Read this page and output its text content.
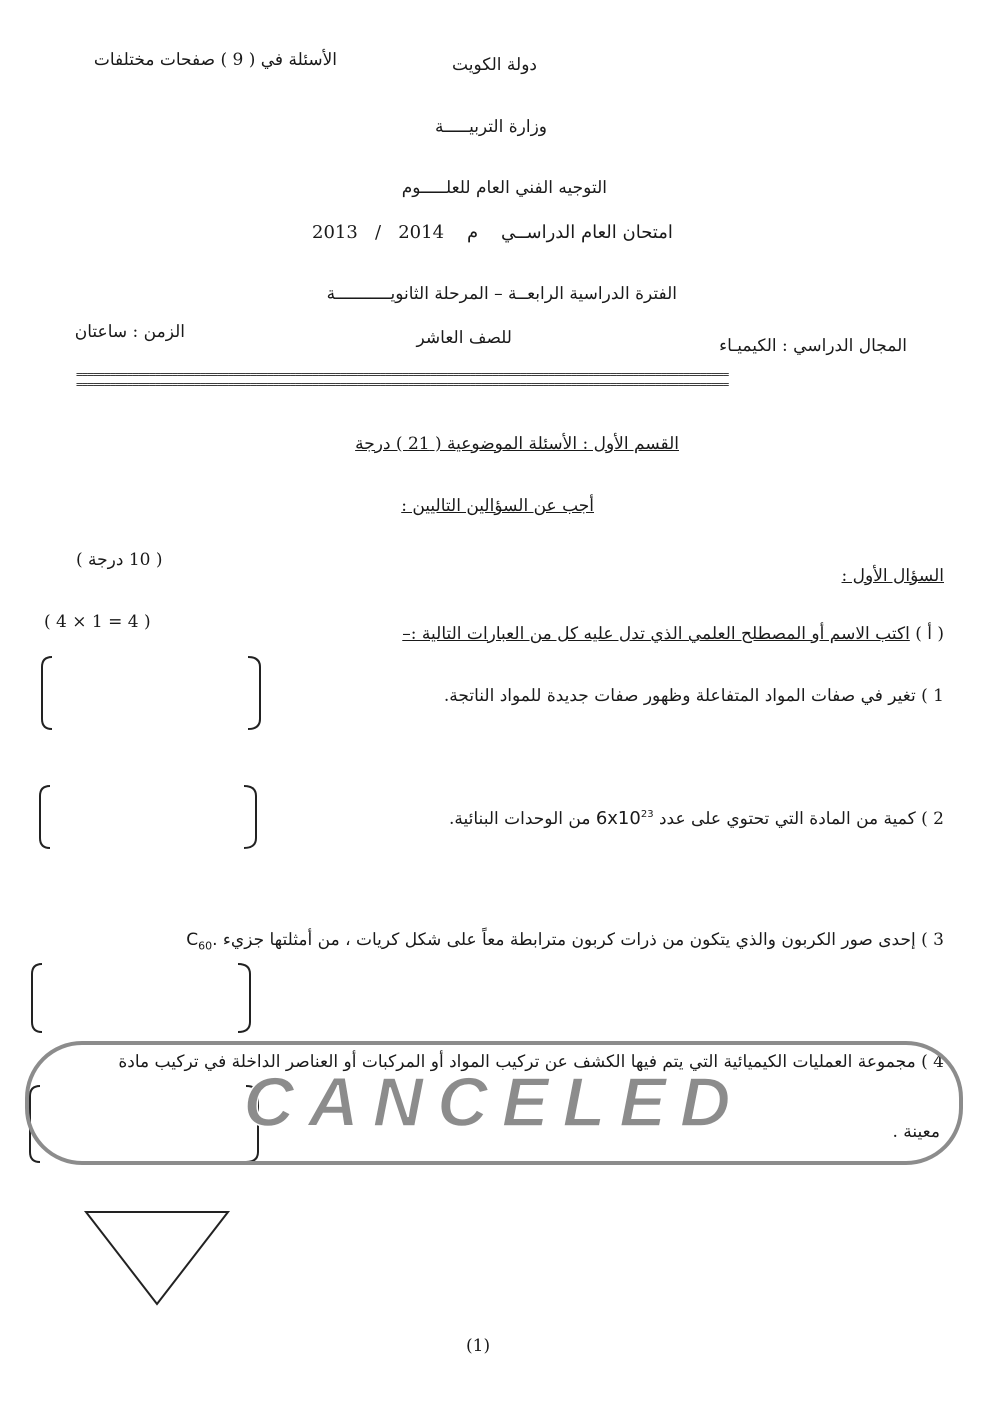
دولة الكويت
الأسئلة في ( 9 ) صفحات مختلفات
وزارة التربيـــــة
التوجيه الفني العام للعلـــــوم
م    2014   /   2013	امتحان العام الدراســي
الفترة الدراسية الرابعــة – المرحلة الثانويـــــــــــة
المجال الدراسي : الكيميـاء
للصف العاشر
الزمن : ساعتان
====================================================================================================================
====================================================================================================================
القسم الأول : الأسئلة الموضوعية ( 21 ) درجة
أجب عن السؤالين التاليين :
السؤال الأول :
( 10 درجة )
( أ ) اكتب الاسم أو المصطلح العلمي الذي تدل عليه كل من العبارات التالية :–
( 4 × 1 = 4 )
1 ) تغير في صفات المواد المتفاعلة وظهور صفات جديدة للمواد الناتجة.
2 ) كمية من المادة التي تحتوي على عدد $6x10^{23}$ من الوحدات البنائية.
3 ) إحدى صور الكربون والذي يتكون من ذرات كربون مترابطة معاً على شكل كريات ، من أمثلتها جزيء $C_{60}$.
4 ) مجموعة العمليات الكيميائية التي يتم فيها الكشف عن تركيب المواد أو المركبات أو العناصر الداخلة في تركيب مادة
معينة .
CANCELED
(1)
